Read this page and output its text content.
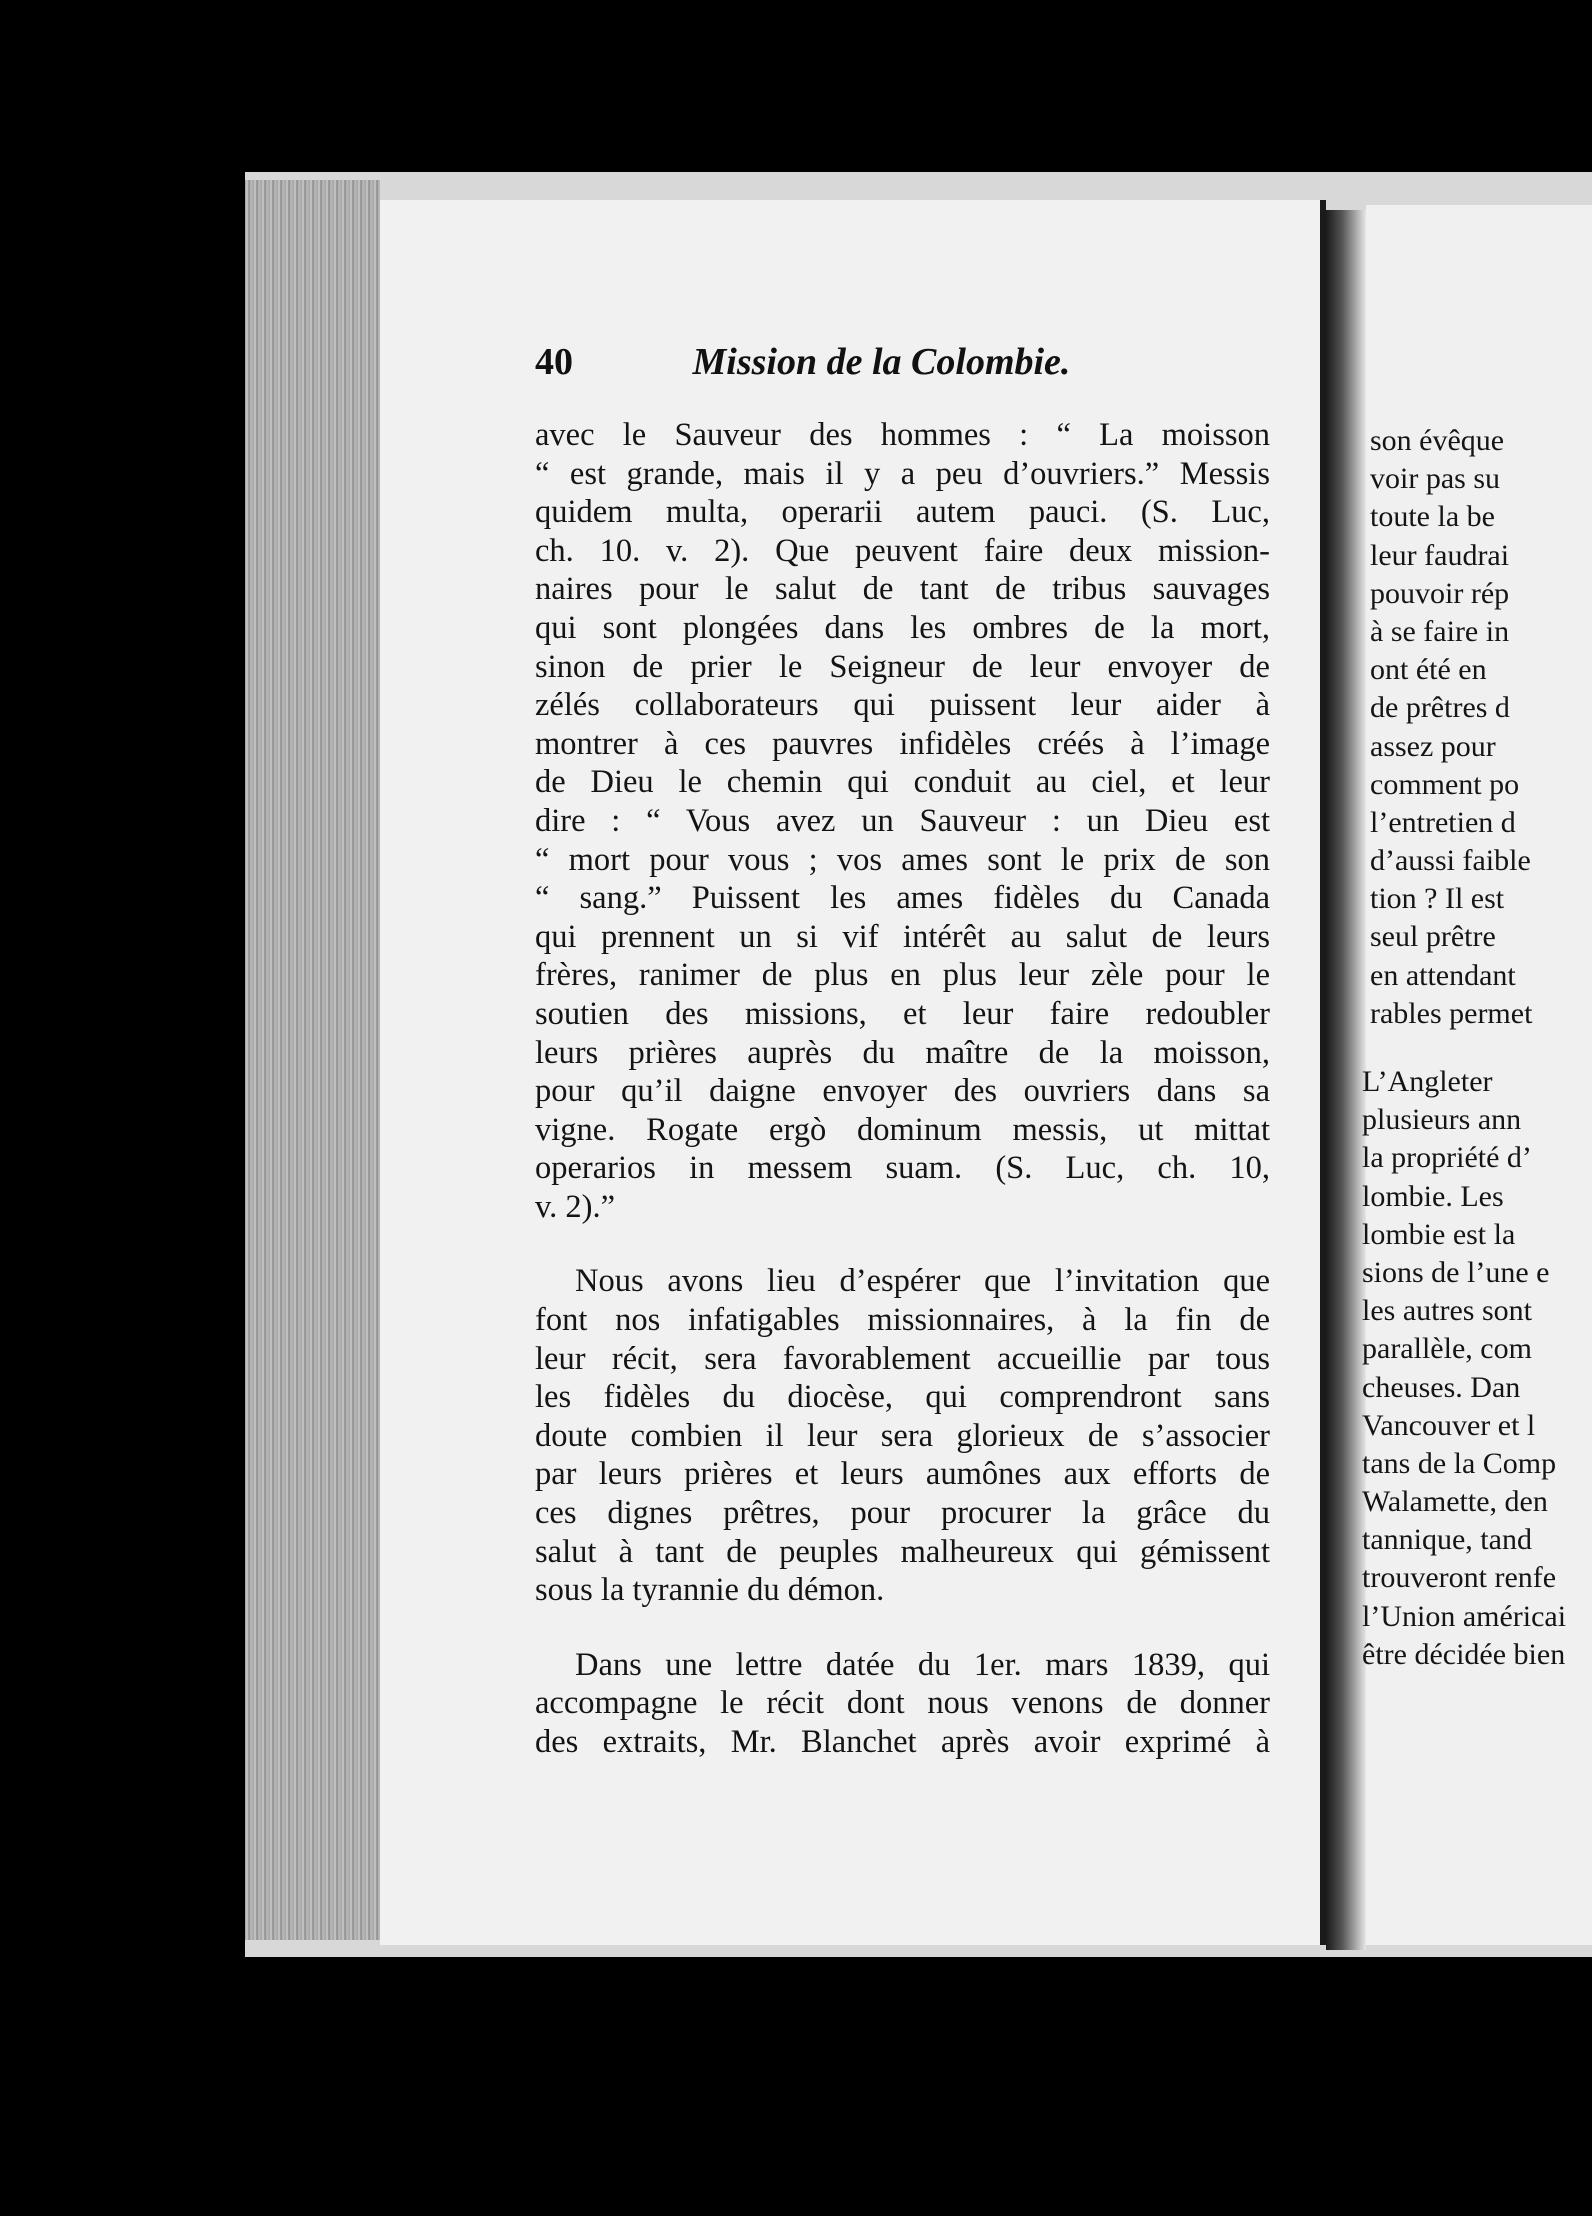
40	Mission de la Colombie.
avec le Sauveur des hommes : “ La moisson
“ est grande, mais il y a peu d’ouvriers.” Messis
quidem multa, operarii autem pauci. (S. Luc,
ch. 10. v. 2). Que peuvent faire deux mission-
naires pour le salut de tant de tribus sauvages
qui sont plongées dans les ombres de la mort,
sinon de prier le Seigneur de leur envoyer de
zélés collaborateurs qui puissent leur aider à
montrer à ces pauvres infidèles créés à l’image
de Dieu le chemin qui conduit au ciel, et leur
dire : “ Vous avez un Sauveur : un Dieu est
“ mort pour vous ; vos ames sont le prix de son
“ sang.” Puissent les ames fidèles du Canada
qui prennent un si vif intérêt au salut de leurs
frères, ranimer de plus en plus leur zèle pour le
soutien des missions, et leur faire redoubler
leurs prières auprès du maître de la moisson,
pour qu’il daigne envoyer des ouvriers dans sa
vigne. Rogate ergò dominum messis, ut mittat
operarios in messem suam. (S. Luc, ch. 10,
v. 2).”
Nous avons lieu d’espérer que l’invitation que
font nos infatigables missionnaires, à la fin de
leur récit, sera favorablement accueillie par tous
les fidèles du diocèse, qui comprendront sans
doute combien il leur sera glorieux de s’associer
par leurs prières et leurs aumônes aux efforts de
ces dignes prêtres, pour procurer la grâce du
salut à tant de peuples malheureux qui gémissent
sous la tyrannie du démon.
Dans une lettre datée du 1er. mars 1839, qui
accompagne le récit dont nous venons de donner
des extraits, Mr. Blanchet après avoir exprimé à
son évêque
voir pas su
toute la be
leur faudrai
pouvoir rép
à se faire in
ont été en
de prêtres d
assez pour
comment po
l’entretien d
d’aussi faible
tion ? Il est
seul prêtre
en attendant
rables permet
L’Angleter
plusieurs ann
la propriété d’
lombie. Les
lombie est la
sions de l’une e
les autres sont
parallèle, com
cheuses. Dan
Vancouver et l
tans de la Comp
Walamette, den
tannique, tand
trouveront renfe
l’Union américai
être décidée bien
